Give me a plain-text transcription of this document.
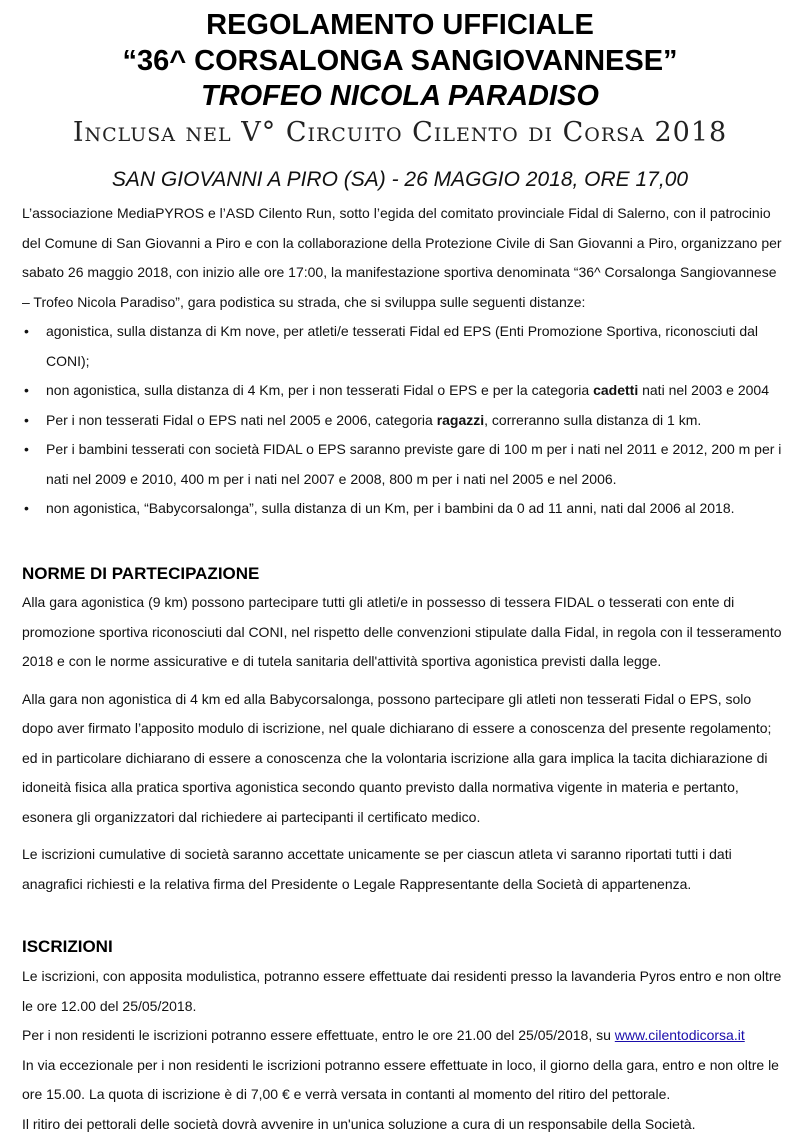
REGOLAMENTO UFFICIALE
“36^ CORSALONGA SANGIOVANNESE”
TROFEO NICOLA PARADISO
Inclusa nel V° Circuito Cilento di Corsa 2018
SAN GIOVANNI A PIRO (SA) - 26 MAGGIO 2018, ORE 17,00

L’associazione MediaPYROS e l’ASD Cilento Run, sotto l’egida del comitato provinciale Fidal di Salerno, con il patrocinio del Comune di San Giovanni a Piro e con la collaborazione della Protezione Civile di San Giovanni a Piro, organizzano per sabato 26 maggio 2018, con inizio alle ore 17:00, la manifestazione sportiva denominata “36^ Corsalonga Sangiovannese – Trofeo Nicola Paradiso”, gara podistica su strada, che si sviluppa sulle seguenti distanze:

• agonistica, sulla distanza di Km nove, per atleti/e tesserati Fidal ed EPS (Enti Promozione Sportiva, riconosciuti dal CONI);
• non agonistica, sulla distanza di 4 Km, per i non tesserati Fidal o EPS e per la categoria cadetti nati nel 2003 e 2004
• Per i non tesserati Fidal o EPS nati nel 2005 e 2006, categoria ragazzi, correranno sulla distanza di 1 km.
• Per i bambini tesserati con società FIDAL o EPS saranno previste gare di 100 m per i nati nel 2011 e 2012, 200 m per i nati nel 2009 e 2010, 400 m per i nati nel 2007 e 2008, 800 m per i nati nel 2005 e nel 2006.
• non agonistica, “Babycorsalonga”, sulla distanza di un Km, per i bambini da 0 ad 11 anni, nati dal 2006 al 2018.
NORME DI PARTECIPAZIONE

Alla gara agonistica (9 km) possono partecipare tutti gli atleti/e in possesso di tessera FIDAL o tesserati con ente di promozione sportiva riconosciuti dal CONI, nel rispetto delle convenzioni stipulate dalla Fidal, in regola con il tesseramento 2018 e con le norme assicurative e di tutela sanitaria dell'attività sportiva agonistica previsti dalla legge.

Alla gara non agonistica di 4 km ed alla Babycorsalonga, possono partecipare gli atleti non tesserati Fidal o EPS, solo dopo aver firmato l’apposito modulo di iscrizione, nel quale dichiarano di essere a conoscenza del presente regolamento; ed in particolare dichiarano di essere a conoscenza che la volontaria iscrizione alla gara implica la tacita dichiarazione di idoneità fisica alla pratica sportiva agonistica secondo quanto previsto dalla normativa vigente in materia e pertanto, esonera gli organizzatori dal richiedere ai partecipanti il certificato medico.

Le iscrizioni cumulative di società saranno accettate unicamente se per ciascun atleta vi saranno riportati tutti i dati anagrafici richiesti e la relativa firma del Presidente o Legale Rappresentante della Società di appartenenza.

ISCRIZIONI

Le iscrizioni, con apposita modulistica, potranno essere effettuate dai residenti presso la lavanderia Pyros entro e non oltre le ore 12.00 del 25/05/2018.

Per i non residenti le iscrizioni potranno essere effettuate, entro le ore 21.00 del 25/05/2018, su www.cilentodicorsa.it

In via eccezionale per i non residenti le iscrizioni potranno essere effettuate in loco, il giorno della gara, entro e non oltre le ore 15.00. La quota di iscrizione è di 7,00 € e verrà versata in contanti al momento del ritiro del pettorale.

Il ritiro dei pettorali delle società dovrà avvenire in un'unica soluzione a cura di un responsabile della Società.
